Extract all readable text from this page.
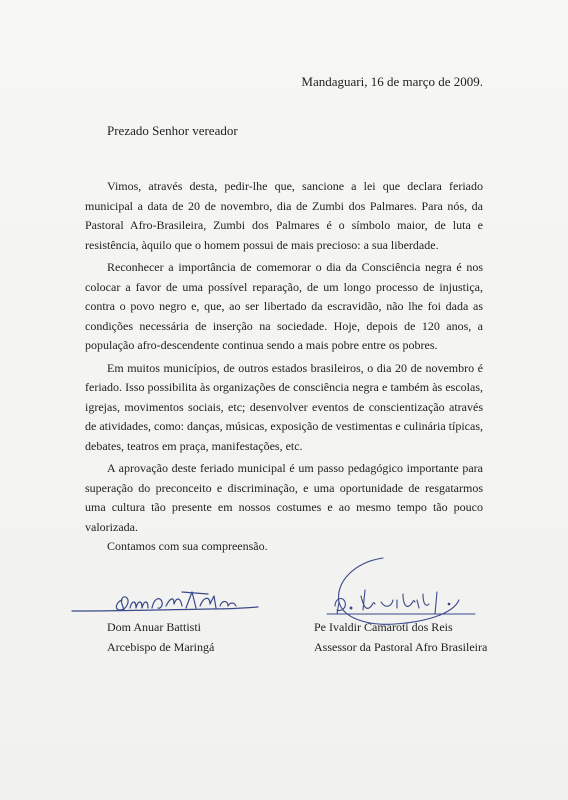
Mandaguari, 16 de março de 2009.
Prezado Senhor vereador

Vimos, através desta, pedir-lhe que, sancione a lei que declara feriado municipal a data de 20 de novembro, dia de Zumbi dos Palmares. Para nós, da Pastoral Afro-Brasileira, Zumbi dos Palmares é o símbolo maior, de luta e resistência, àquilo que o homem possui de mais precioso: a sua liberdade.

Reconhecer a importância de comemorar o dia da Consciência negra é nos colocar a favor de uma possível reparação, de um longo processo de injustiça, contra o povo negro e, que, ao ser libertado da escravidão, não lhe foi dada as condições necessária de inserção na sociedade. Hoje, depois de 120 anos, a população afro-descendente continua sendo a mais pobre entre os pobres.

Em muitos municípios, de outros estados brasileiros, o dia 20 de novembro é feriado. Isso possibilita às organizações de consciência negra e também às escolas, igrejas, movimentos sociais, etc; desenvolver eventos de conscientização através de atividades, como: danças, músicas, exposição de vestimentas e culinária típicas, debates, teatros em praça, manifestações, etc.

A aprovação deste feriado municipal é um passo pedagógico importante para superação do preconceito e discriminação, e uma oportunidade de resgatarmos uma cultura tão presente em nossos costumes e ao mesmo tempo tão pouco valorizada.

Contamos com sua compreensão.
Dom Anuar Battisti
Arcebispo de Maringá
Pe Ivaldir Camaroti dos Reis
Assessor da Pastoral Afro Brasileira
